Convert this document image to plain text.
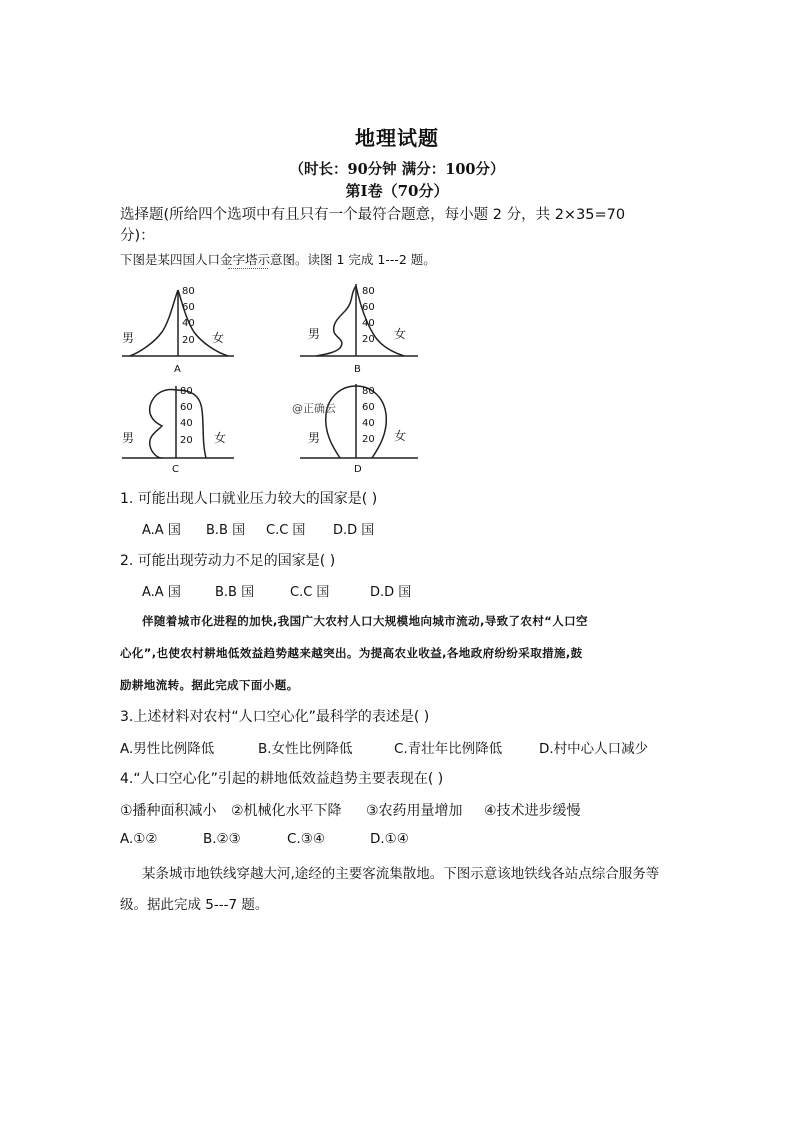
地理试题
（时长：90分钟 满分：100分）
第Ⅰ卷（70分）
选择题(所给四个选项中有且只有一个最符合题意，每小题 2 分，共 2×35=70
分)：
下图是某四国人口金字塔示意图。读图 1 完成 1---2 题。
80
60
40
20
男	女
A
80
60
40
20
男	女
B
80
60
40
20
男	女
C
80
60
40
20
男	女
D
@正确云
1. 可能出现人口就业压力较大的国家是( )
A.A 国 B.B 国 C.C 国 D.D 国
2. 可能出现劳动力不足的国家是( )
A.A 国	B.B 国	C.C 国	D.D 国
伴随着城市化进程的加快,我国广大农村人口大规模地向城市流动,导致了农村“人口空
心化”,也使农村耕地低效益趋势越来越突出。为提高农业收益,各地政府纷纷采取措施,鼓
励耕地流转。据此完成下面小题。
3.上述材料对农村“人口空心化”最科学的表述是( )
A.男性比例降低	B.女性比例降低	C.青壮年比例降低	D.村中心人口减少
4.“人口空心化”引起的耕地低效益趋势主要表现在( )
①播种面积减小 ②机械化水平下降 ③农药用量增加 ④技术进步缓慢
A.①②	B.②③	C.③④	D.①④
某条城市地铁线穿越大河,途经的主要客流集散地。下图示意该地铁线各站点综合服务等
级。据此完成 5---7 题。
